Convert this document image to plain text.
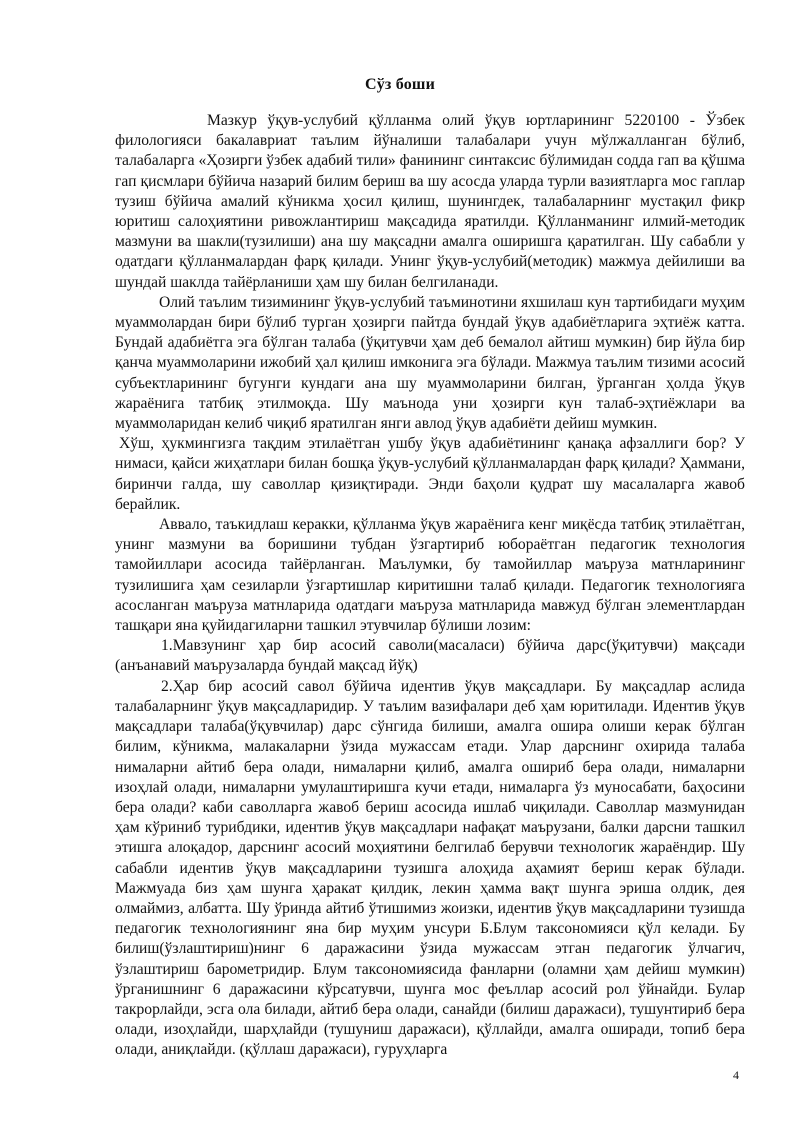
Сўз боши

Мазкур ўқув-услубий қўлланма олий ўқув юртларининг 5220100 - Ўзбек филологияси бакалавриат таълим йўналиши талабалари учун мўлжалланган бўлиб, талабаларга «Ҳозирги ўзбек адабий тили» фанининг синтаксис бўлимидан содда гап ва қўшма гап қисмлари бўйича назарий билим бериш ва шу асосда уларда турли вазиятларга мос гаплар тузиш бўйича амалий кўникма ҳосил қилиш, шунингдек, талабаларнинг мустақил фикр юритиш салоҳиятини ривожлантириш мақсадида яратилди. Қўлланманинг илмий-методик мазмуни ва шакли(тузилиши) ана шу мақсадни амалга оширишга қаратилган. Шу сабабли у одатдаги қўлланмалардан фарқ қилади. Унинг ўқув-услубий(методик) мажмуа дейилиши ва шундай шаклда тайёрланиши ҳам шу билан белгиланади.

Олий таълим тизимининг ўқув-услубий таъминотини яхшилаш кун тартибидаги муҳим муаммолардан бири бўлиб турган ҳозирги пайтда бундай ўқув адабиётларига эҳтиёж катта. Бундай адабиётга эга бўлган талаба (ўқитувчи ҳам деб бемалол айтиш мумкин) бир йўла бир қанча муаммоларини ижобий ҳал қилиш имконига эга бўлади. Мажмуа таълим тизими асосий субъектларининг бугунги кундаги ана шу муаммоларини билган, ўрганган ҳолда ўқув жараёнига татбиқ этилмоқда. Шу маънода уни ҳозирги кун талаб-эҳтиёжлари ва муаммоларидан келиб чиқиб яратилган янги авлод ўқув адабиёти дейиш мумкин.

Хўш, ҳукмингизга тақдим этилаётган ушбу ўқув адабиётининг қанақа афзаллиги бор? У нимаси, қайси жиҳатлари билан бошқа ўқув-услубий қўлланмалардан фарқ қилади? Ҳаммани, биринчи галда, шу саволлар қизиқтиради. Энди баҳоли қудрат шу масалаларга жавоб берайлик.

Аввало, таъкидлаш керакки, қўлланма ўқув жараёнига кенг миқёсда татбиқ этилаётган, унинг мазмуни ва боришини тубдан ўзгартириб юбораётган педагогик технология тамойиллари асосида тайёрланган. Маълумки, бу тамойиллар маъруза матнларининг тузилишига ҳам сезиларли ўзгартишлар киритишни талаб қилади. Педагогик технологияга асосланган маъруза матнларида одатдаги маъруза матнларида мавжуд бўлган элементлардан ташқари яна қуйидагиларни ташкил этувчилар бўлиши лозим:

1.Мавзунинг ҳар бир асосий саволи(масаласи) бўйича дарс(ўқитувчи) мақсади (анъанавий маърузаларда бундай мақсад йўқ)

2.Ҳар бир асосий савол бўйича идентив ўқув мақсадлари. Бу мақсадлар аслида талабаларнинг ўқув мақсадларидир. У таълим вазифалари деб ҳам юритилади. Идентив ўқув мақсадлари талаба(ўқувчилар) дарс сўнгида билиши, амалга ошира олиши керак бўлган билим, кўникма, малакаларни ўзида мужассам етади. Улар дарснинг охирида талаба нималарни айтиб бера олади, нималарни қилиб, амалга ошириб бера олади, нималарни изоҳлай олади, нималарни умулаштиришга кучи етади, нималарга ўз муносабати, баҳосини бера олади? каби саволларга жавоб бериш асосида ишлаб чиқилади. Саволлар мазмунидан ҳам кўриниб турибдики, идентив ўқув мақсадлари нафақат маърузани, балки дарсни ташкил этишга алоқадор, дарснинг асосий моҳиятини белгилаб берувчи технологик жараёндир. Шу сабабли идентив ўқув мақсадларини тузишга алоҳида аҳамият бериш керак бўлади. Мажмуада биз ҳам шунга ҳаракат қилдик, лекин ҳамма вақт шунга эриша олдик, дея олмаймиз, албатта. Шу ўринда айтиб ўтишимиз жоизки, идентив ўқув мақсадларини тузишда педагогик технологиянинг яна бир муҳим унсури Б.Блум таксономияси қўл келади. Бу билиш(ўзлаштириш)нинг 6 даражасини ўзида мужассам этган педагогик ўлчагич, ўзлаштириш барометридир. Блум таксономиясида фанларни (оламни ҳам дейиш мумкин) ўрганишнинг 6 даражасини кўрсатувчи, шунга мос феъллар асосий рол ўйнайди. Булар такрорлайди, эсга ола билади, айтиб бера олади, санайди (билиш даражаси), тушунтириб бера олади, изоҳлайди, шарҳлайди (тушуниш даражаси), қўллайди, амалга оширади, топиб бера олади, аниқлайди. (қўллаш даражаси), гуруҳларга

4
